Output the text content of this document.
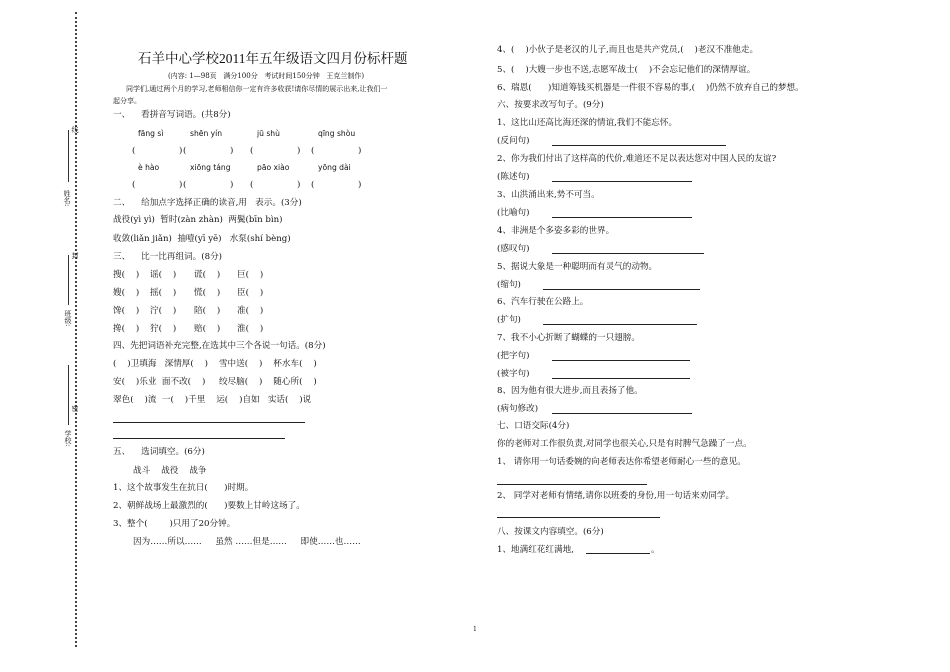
姓名:
班级:
学校:
线
封
密
石羊中心学校2011年五年级语文四月份标杆题
(内容: 1—98页   满分100分   考试时间150分钟   王克兰制作)
同学们,通过两个月的学习,老师相信你一定有许多收获!请你尽情的展示出来,让我们一
起分享。
一、    看拼音写词语。(共8分)
fāng sì	shēn yín	jū shù	qīng shòu
(                ) (                ) (                ) (                )
è hào	xiōng táng	pāo xiào	yōng dài
(                ) (                ) (                ) (                )
二、    给加点字选择正确的读音,用   表示。(3分)
战役(yì yì)  暂时(zàn zhàn)  两鬓(bīn bìn)
收敛(liǎn jiǎn)  抽噎(yī yē)   水泵(shí bèng)
三、    比一比再组词。(8分)
搜(    ) 谣(    ) 谎(    ) 巨(    )
嫂(    ) 摇(    ) 慌(    ) 臣(    )
馋(    ) 泞(    ) 陪(    ) 准(    )
搀(    ) 狞(    ) 赔(    ) 淮(    )
四、先把词语补充完整,在选其中三个各说一句话。(8分)
(    )卫填海   深情厚(    )    雪中送(    )    杯水车(    )
安(    )乐业  面不改(    )     绞尽脑(    )    随心所(    )
翠色(    )流  一(    )千里    运(    )自如   实话(    )说
五、    选词填空。(6分)
战斗    战役    战争
1、这个故事发生在抗日(      )时期。
2、朝鲜战场上最激烈的(      )要数上甘岭这场了。
3、整个(        )只用了20分钟。
因为……所以……     虽然 ……但是……     即使……也……
4、(    )小伙子是老汉的儿子,而且也是共产党员,(    )老汉不准他走。
5、(    )大嫂一步也不送,志愿军战士(    )不会忘记他们的深情厚谊。
6、瑞恩(      )知道筹钱买机器是一件很不容易的事,(    )仍然不放弃自己的梦想。
六、按要求改写句子。(9分)
1、这比山还高比海还深的情谊,我们不能忘怀。
(反问句)
2、你为我们付出了这样高的代价,难道还不足以表达您对中国人民的友谊?
(陈述句)
3、山洪涌出来,势不可当。
(比喻句)
4、非洲是个多姿多彩的世界。
(感叹句)
5、据说大象是一种聪明而有灵气的动物。
(缩句)
6、汽车行驶在公路上。
(扩句)
7、我不小心折断了蝴蝶的一只翅膀。
(把字句)
(被字句)
8、因为他有很大进步,而且表扬了他。
(病句修改)
七、口语交际(4分)
你的老师对工作很负责,对同学也很关心,只是有时脾气急躁了一点。
1、 请你用一句话委婉的向老师表达你希望老师耐心一些的意见。
2、 同学对老师有情绪,请你以班委的身份,用一句话来劝同学。
八、按课文内容填空。(6分)
1、地满红花红满地,	。
1
